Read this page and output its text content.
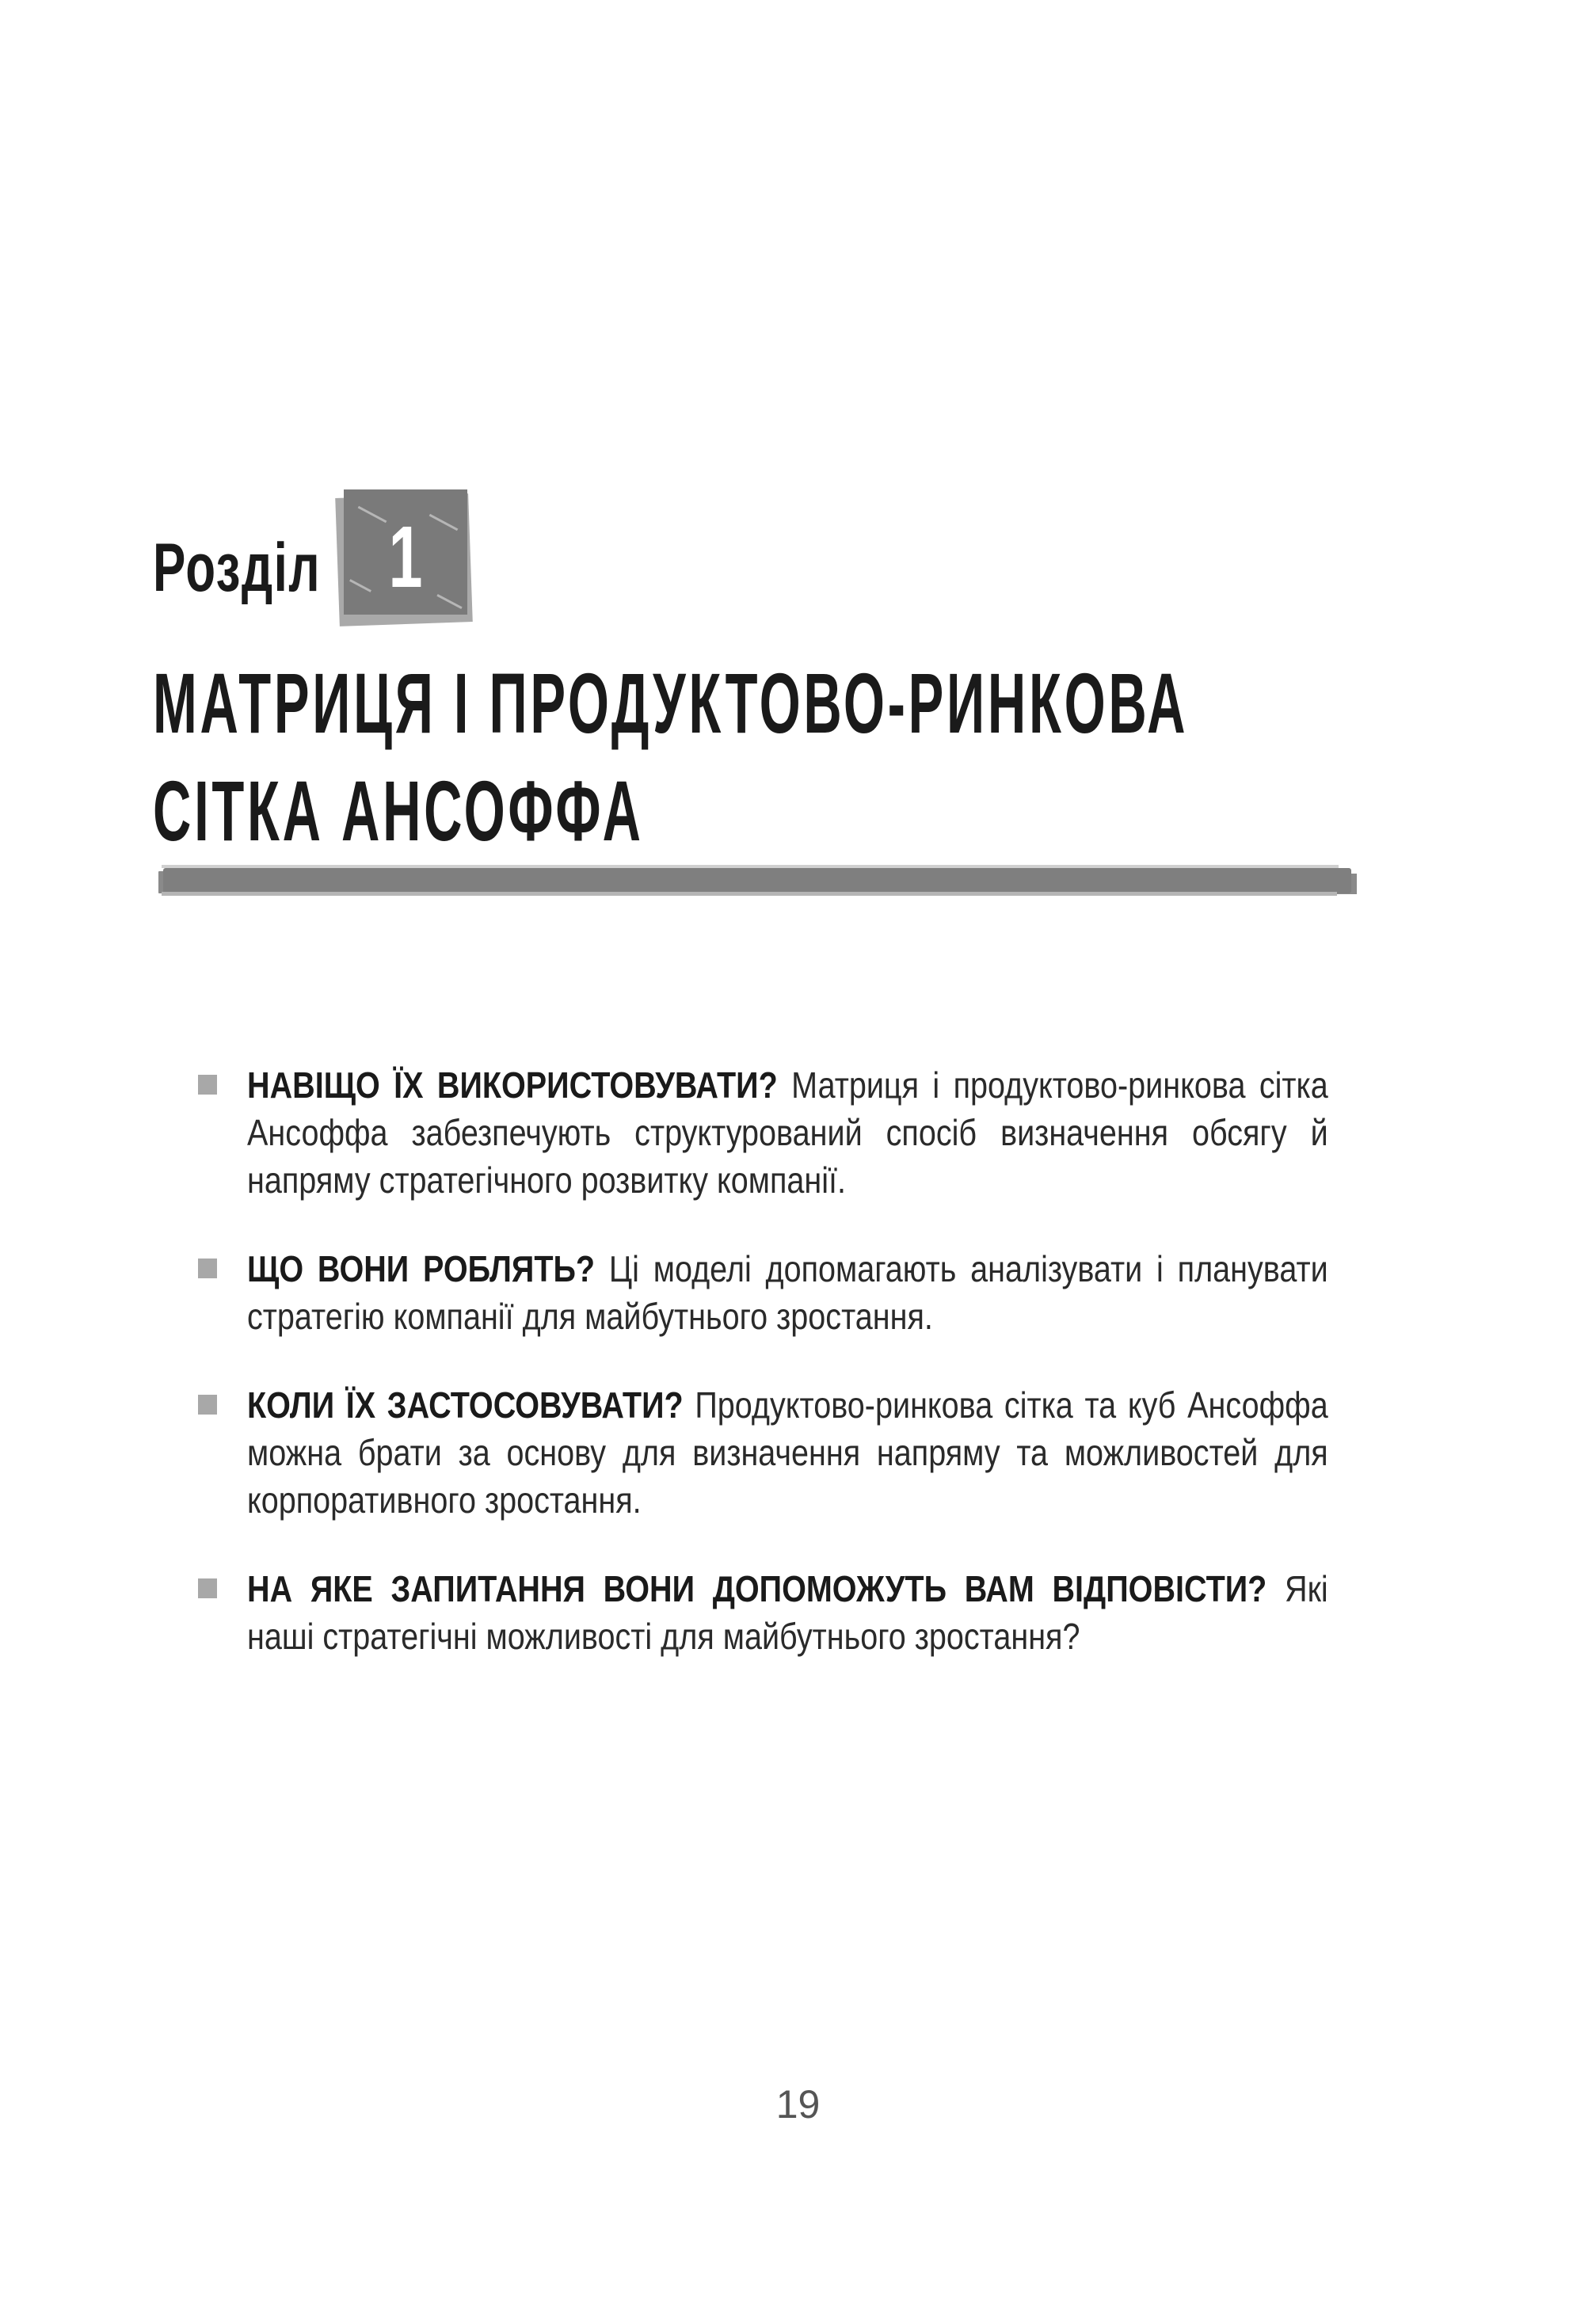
Розділ 1
МАТРИЦЯ І ПРОДУКТОВО-РИНКОВА
СІТКА АНСОФФА
НАВІЩО ЇХ ВИКОРИСТОВУВАТИ? Матриця і продуктово-ринкова сітка Ансоффа забезпечують структурований спосіб визначення обсягу й напряму стратегічного розвитку компанії.
ЩО ВОНИ РОБЛЯТЬ? Ці моделі допомагають аналізувати і планувати стратегію компанії для майбутнього зростання.
КОЛИ ЇХ ЗАСТОСОВУВАТИ? Продуктово-ринкова сітка та куб Ансоффа можна брати за основу для визначення напряму та можливостей для корпоративного зростання.
НА ЯКЕ ЗАПИТАННЯ ВОНИ ДОПОМОЖУТЬ ВАМ ВІДПОВІСТИ? Які наші стратегічні можливості для майбутнього зростання?
19
